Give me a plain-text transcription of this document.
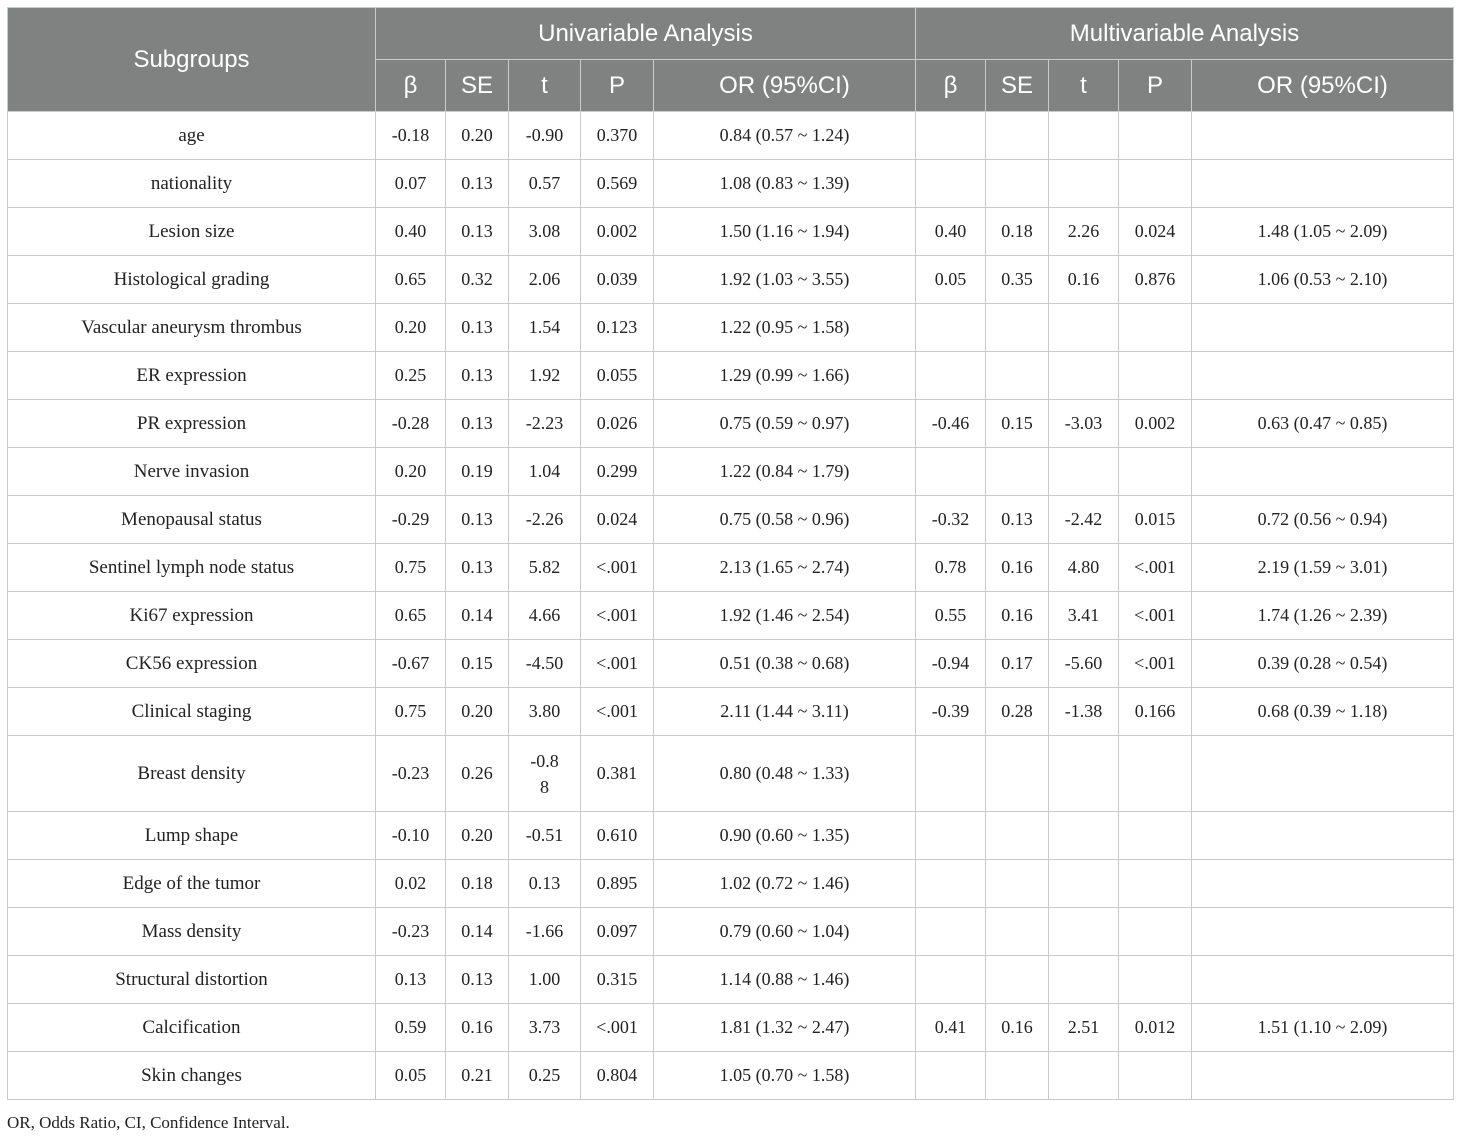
Subgroups	Univariable Analysis					Multivariable Analysis				
	β	SE	t	P	OR (95%CI)	β	SE	t	P	OR (95%CI)
age	-0.18	0.20	-0.90	0.370	0.84 (0.57 ~ 1.24)					
nationality	0.07	0.13	0.57	0.569	1.08 (0.83 ~ 1.39)					
Lesion size	0.40	0.13	3.08	0.002	1.50 (1.16 ~ 1.94)	0.40	0.18	2.26	0.024	1.48 (1.05 ~ 2.09)
Histological grading	0.65	0.32	2.06	0.039	1.92 (1.03 ~ 3.55)	0.05	0.35	0.16	0.876	1.06 (0.53 ~ 2.10)
Vascular aneurysm thrombus	0.20	0.13	1.54	0.123	1.22 (0.95 ~ 1.58)					
ER expression	0.25	0.13	1.92	0.055	1.29 (0.99 ~ 1.66)					
PR expression	-0.28	0.13	-2.23	0.026	0.75 (0.59 ~ 0.97)	-0.46	0.15	-3.03	0.002	0.63 (0.47 ~ 0.85)
Nerve invasion	0.20	0.19	1.04	0.299	1.22 (0.84 ~ 1.79)					
Menopausal status	-0.29	0.13	-2.26	0.024	0.75 (0.58 ~ 0.96)	-0.32	0.13	-2.42	0.015	0.72 (0.56 ~ 0.94)
Sentinel lymph node status	0.75	0.13	5.82	<.001	2.13 (1.65 ~ 2.74)	0.78	0.16	4.80	<.001	2.19 (1.59 ~ 3.01)
Ki67 expression	0.65	0.14	4.66	<.001	1.92 (1.46 ~ 2.54)	0.55	0.16	3.41	<.001	1.74 (1.26 ~ 2.39)
CK56 expression	-0.67	0.15	-4.50	<.001	0.51 (0.38 ~ 0.68)	-0.94	0.17	-5.60	<.001	0.39 (0.28 ~ 0.54)
Clinical staging	0.75	0.20	3.80	<.001	2.11 (1.44 ~ 3.11)	-0.39	0.28	-1.38	0.166	0.68 (0.39 ~ 1.18)
Breast density	-0.23	0.26	-0.88	0.381	0.80 (0.48 ~ 1.33)					
Lump shape	-0.10	0.20	-0.51	0.610	0.90 (0.60 ~ 1.35)					
Edge of the tumor	0.02	0.18	0.13	0.895	1.02 (0.72 ~ 1.46)					
Mass density	-0.23	0.14	-1.66	0.097	0.79 (0.60 ~ 1.04)					
Structural distortion	0.13	0.13	1.00	0.315	1.14 (0.88 ~ 1.46)					
Calcification	0.59	0.16	3.73	<.001	1.81 (1.32 ~ 2.47)	0.41	0.16	2.51	0.012	1.51 (1.10 ~ 2.09)
Skin changes	0.05	0.21	0.25	0.804	1.05 (0.70 ~ 1.58)					
OR, Odds Ratio, CI, Confidence Interval.
